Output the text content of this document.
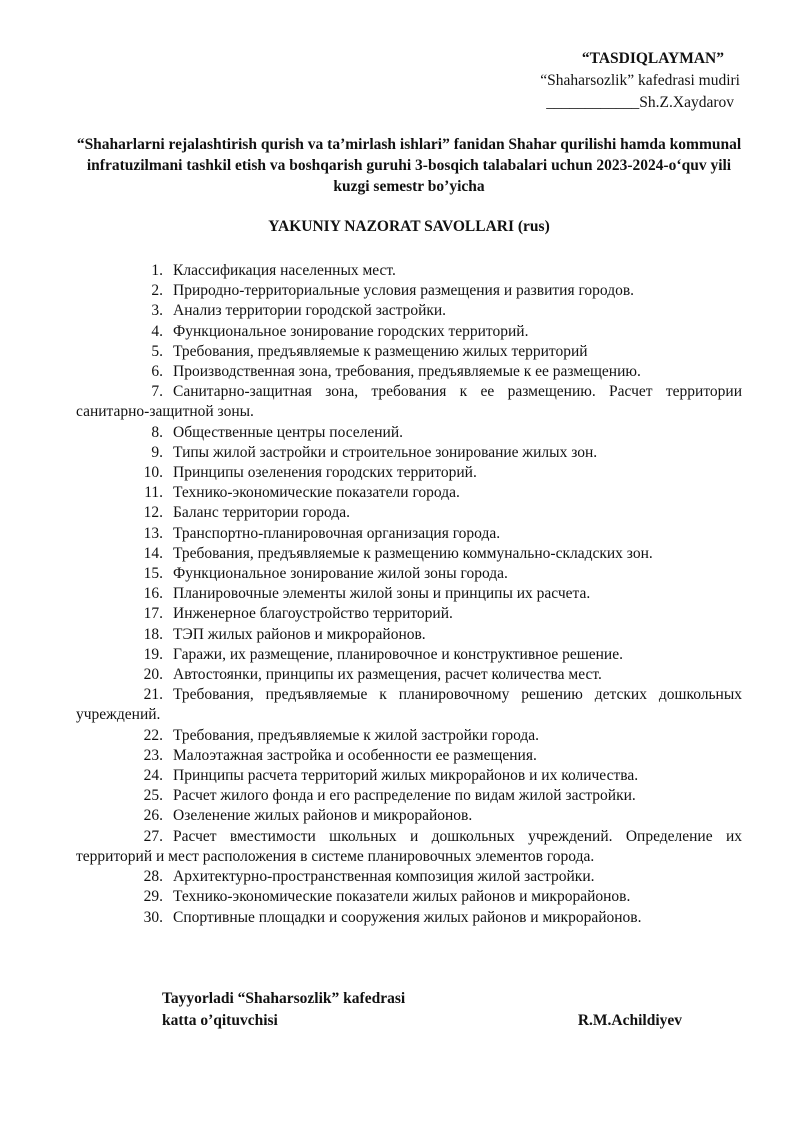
“TASDIQLAYMAN”
“Shaharsozlik” kafedrasi mudiri
____________Sh.Z.Xaydarov
“Shaharlarni rejalashtirish qurish va ta’mirlash ishlari” fanidan Shahar qurilishi hamda kommunal infratuzilmani tashkil etish va boshqarish guruhi 3-bosqich talabalari uchun 2023-2024-o‘quv yili kuzgi semestr bo’yicha
YAKUNIY NAZORAT SAVOLLARI (rus)
1. Классификация населенных мест.
2. Природно-территориальные условия размещения и развития городов.
3. Анализ территории городской застройки.
4. Функциональное зонирование городских территорий.
5. Требования, предъявляемые к размещению жилых территорий
6. Производственная зона, требования, предъявляемые к ее размещению.
7. Санитарно-защитная зона, требования к ее размещению. Расчет территории санитарно-защитной зоны.
8. Общественные центры поселений.
9. Типы жилой застройки и строительное зонирование жилых зон.
10. Принципы озеленения городских территорий.
11. Технико-экономические показатели города.
12. Баланс территории города.
13. Транспортно-планировочная организация города.
14. Требования, предъявляемые к размещению коммунально-складских зон.
15. Функциональное зонирование жилой зоны города.
16. Планировочные элементы жилой зоны и принципы их расчета.
17. Инженерное благоустройство территорий.
18. ТЭП жилых районов и микрорайонов.
19. Гаражи, их размещение, планировочное и конструктивное решение.
20. Автостоянки, принципы их размещения, расчет количества мест.
21. Требования, предъявляемые к планировочному решению детских дошкольных учреждений.
22. Требования, предъявляемые к жилой застройки города.
23. Малоэтажная застройка и особенности ее размещения.
24. Принципы расчета территорий жилых микрорайонов и их количества.
25. Расчет жилого фонда и его распределение по видам жилой застройки.
26. Озеленение жилых районов и микрорайонов.
27. Расчет вместимости школьных и дошкольных учреждений. Определение их территорий и мест расположения в системе планировочных элементов города.
28. Архитектурно-пространственная композиция жилой застройки.
29. Технико-экономические показатели жилых районов и микрорайонов.
30. Спортивные площадки и сооружения жилых районов и микрорайонов.
Tayyorladi “Shaharsozlik” kafedrasi
katta o’qituvchisi	R.M.Achildiyev
